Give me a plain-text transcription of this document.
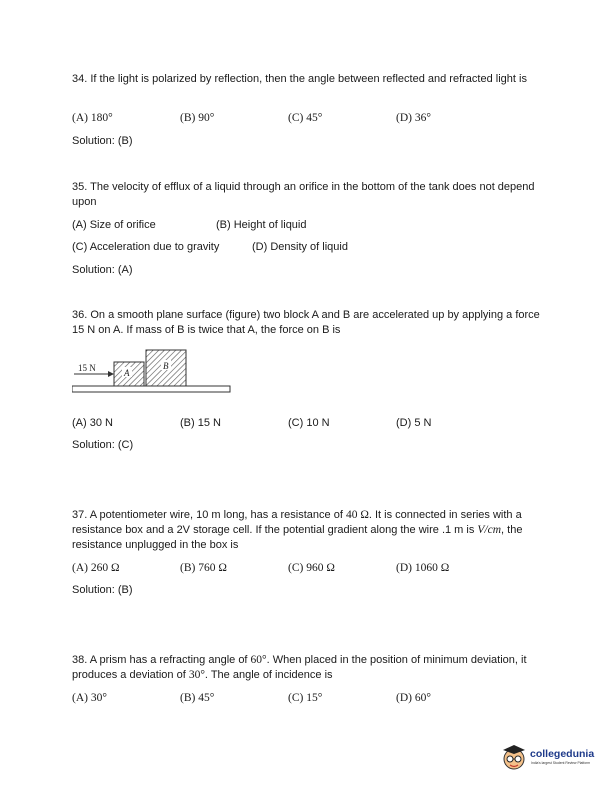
34. If the light is polarized by reflection, then the angle between reflected and refracted light is
(A) 180°	(B) 90°	(C) 45°	(D) 36°
Solution: (B)
35. The velocity of efflux of a liquid through an orifice in the bottom of the tank does not depend upon
(A) Size of orifice	(B) Height of liquid
(C) Acceleration due to gravity	(D) Density of liquid
Solution: (A)
36. On a smooth plane surface (figure) two block A and B are accelerated up by applying a force 15 N on A. If mass of B is twice that A, the force on B is
15 N	A
B
(A) 30 N	(B) 15 N	(C) 10 N	(D) 5 N
Solution: (C)
37. A potentiometer wire, 10 m long, has a resistance of 40 Ω. It is connected in series with a resistance box and a 2V storage cell. If the potential gradient along the wire .1 m is V/cm, the resistance unplugged in the box is
(A) 260 Ω	(B) 760 Ω	(C) 960 Ω	(D) 1060 Ω
Solution: (B)
38. A prism has a refracting angle of 60°. When placed in the position of minimum deviation, it produces a deviation of 30°. The angle of incidence is
(A) 30°	(B) 45°	(C) 15°	(D) 60°
collegedunia
India's largest Student Review Platform
